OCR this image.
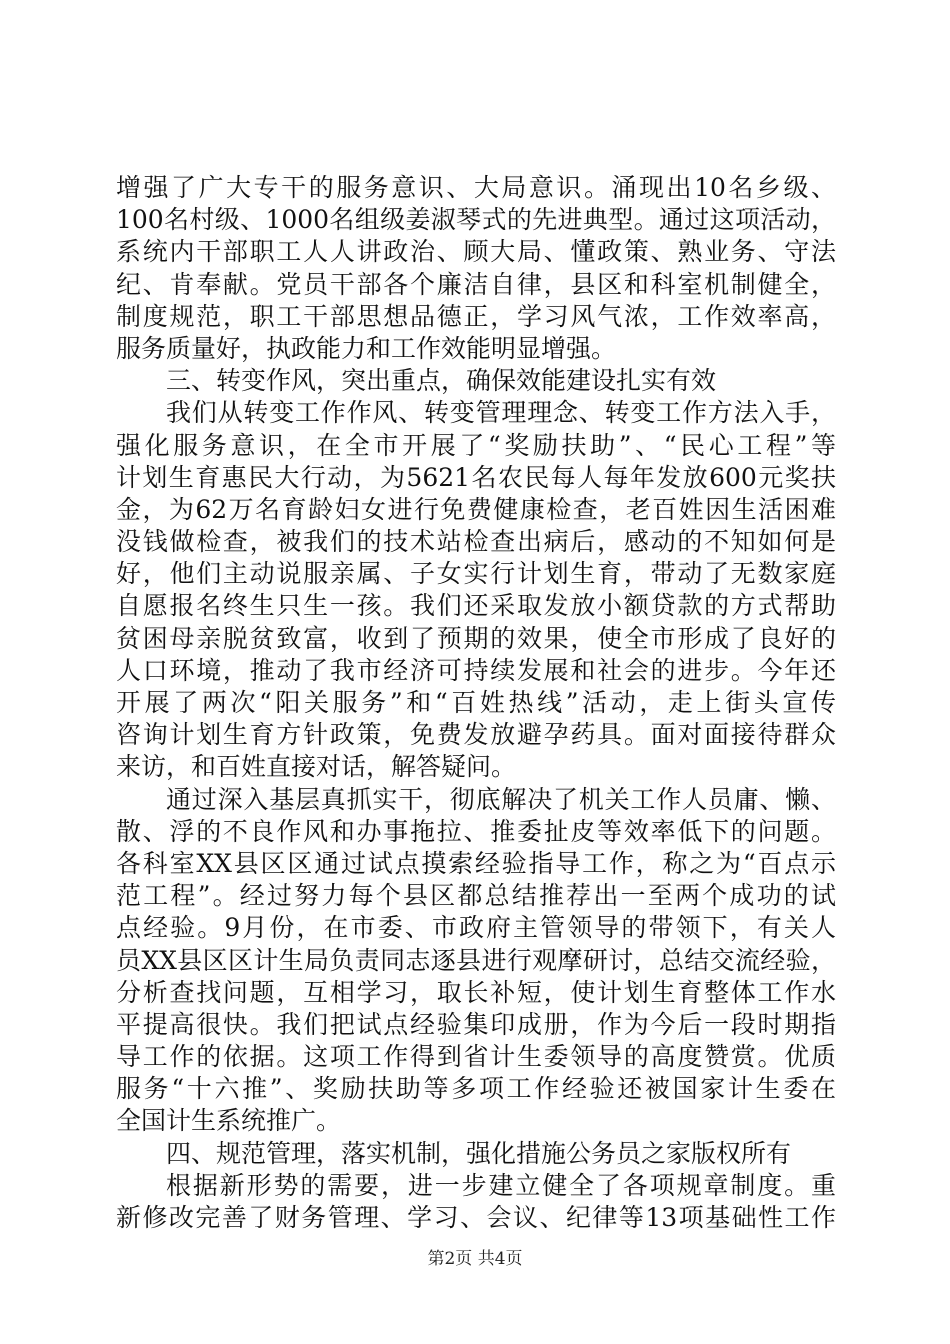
增强了广大专干的服务意识、大局意识。涌现出10名乡级、
100名村级、1000名组级姜淑琴式的先进典型。通过这项活动，
系统内干部职工人人讲政治、顾大局、懂政策、熟业务、守法
纪、肯奉献。党员干部各个廉洁自律，县区和科室机制健全，
制度规范，职工干部思想品德正，学习风气浓，工作效率高，
服务质量好，执政能力和工作效能明显增强。
三、转变作风，突出重点，确保效能建设扎实有效
我们从转变工作作风、转变管理理念、转变工作方法入手，
强化服务意识，在全市开展了“奖励扶助”、“民心工程”等
计划生育惠民大行动，为5621名农民每人每年发放600元奖扶
金，为62万名育龄妇女进行免费健康检查，老百姓因生活困难
没钱做检查，被我们的技术站检查出病后，感动的不知如何是
好，他们主动说服亲属、子女实行计划生育，带动了无数家庭
自愿报名终生只生一孩。我们还采取发放小额贷款的方式帮助
贫困母亲脱贫致富，收到了预期的效果，使全市形成了良好的
人口环境，推动了我市经济可持续发展和社会的进步。今年还
开展了两次“阳关服务”和“百姓热线”活动，走上街头宣传
咨询计划生育方针政策，免费发放避孕药具。面对面接待群众
来访，和百姓直接对话，解答疑问。
通过深入基层真抓实干，彻底解决了机关工作人员庸、懒、
散、浮的不良作风和办事拖拉、推委扯皮等效率低下的问题。
各科室XX县区区通过试点摸索经验指导工作，称之为“百点示
范工程”。经过努力每个县区都总结推荐出一至两个成功的试
点经验。9月份，在市委、市政府主管领导的带领下，有关人
员XX县区区计生局负责同志逐县进行观摩研讨，总结交流经验，
分析查找问题，互相学习，取长补短，使计划生育整体工作水
平提高很快。我们把试点经验集印成册，作为今后一段时期指
导工作的依据。这项工作得到省计生委领导的高度赞赏。优质
服务“十六推”、奖励扶助等多项工作经验还被国家计生委在
全国计生系统推广。
四、规范管理，落实机制，强化措施公务员之家版权所有
根据新形势的需要，进一步建立健全了各项规章制度。重
新修改完善了财务管理、学习、会议、纪律等13项基础性工作
第2页 共4页
